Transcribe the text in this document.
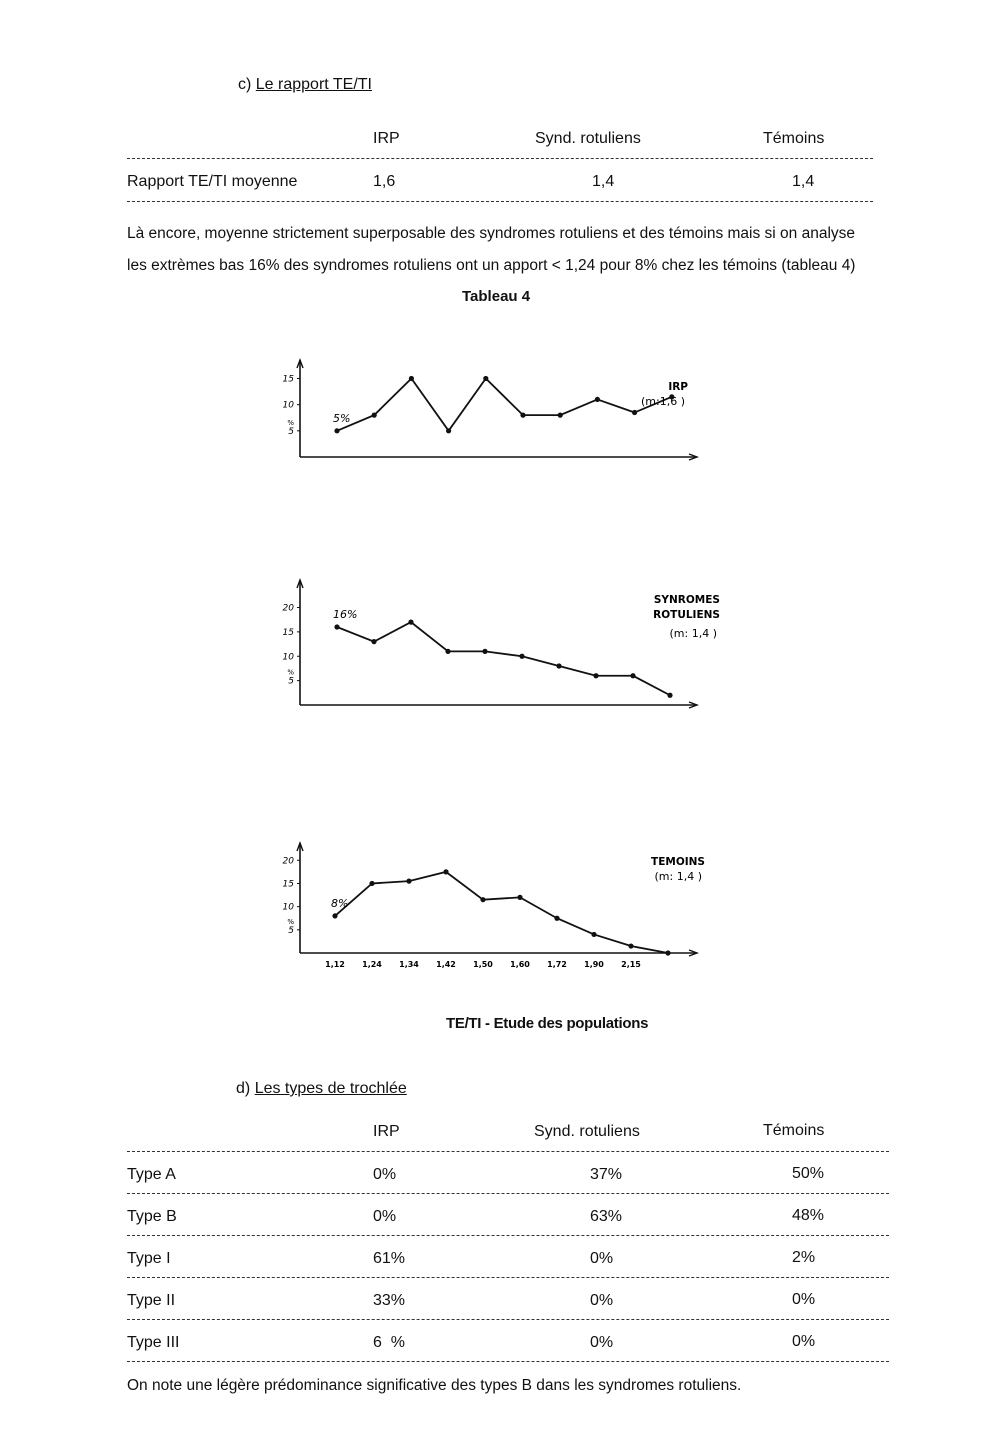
c) Le rapport TE/TI
IRP	Synd. rotuliens	Témoins
Rapport TE/TI moyenne	1,6	1,4	1,4
Là encore, moyenne strictement superposable des syndromes rotuliens et des témoins mais si on analyse
les extrèmes bas 16% des syndromes rotuliens ont un apport < 1,24 pour 8% chez les témoins (tableau 4)
Tableau 4
5
10
15
%	5%
IRP
(m:1,6 )
5
10
15
20
%
16%
SYNROMES
ROTULIENS
(m: 1,4 )
5
10
15
20
%
8%
1,12 1,24 1,34 1,42 1,50 1,60 1,72 1,90 2,15
TEMOINS
(m: 1,4 )
TE/TI - Etude des populations
d) Les types de trochlée
IRP	Synd. rotuliens	Témoins
Type A	0%	37%	50%
Type B	0%	63%	48%
Type I	61%	0%	2%
Type II	33%	0%	0%
Type III	6  %	0%	0%
On note une légère prédominance significative des types B dans les syndromes rotuliens.
